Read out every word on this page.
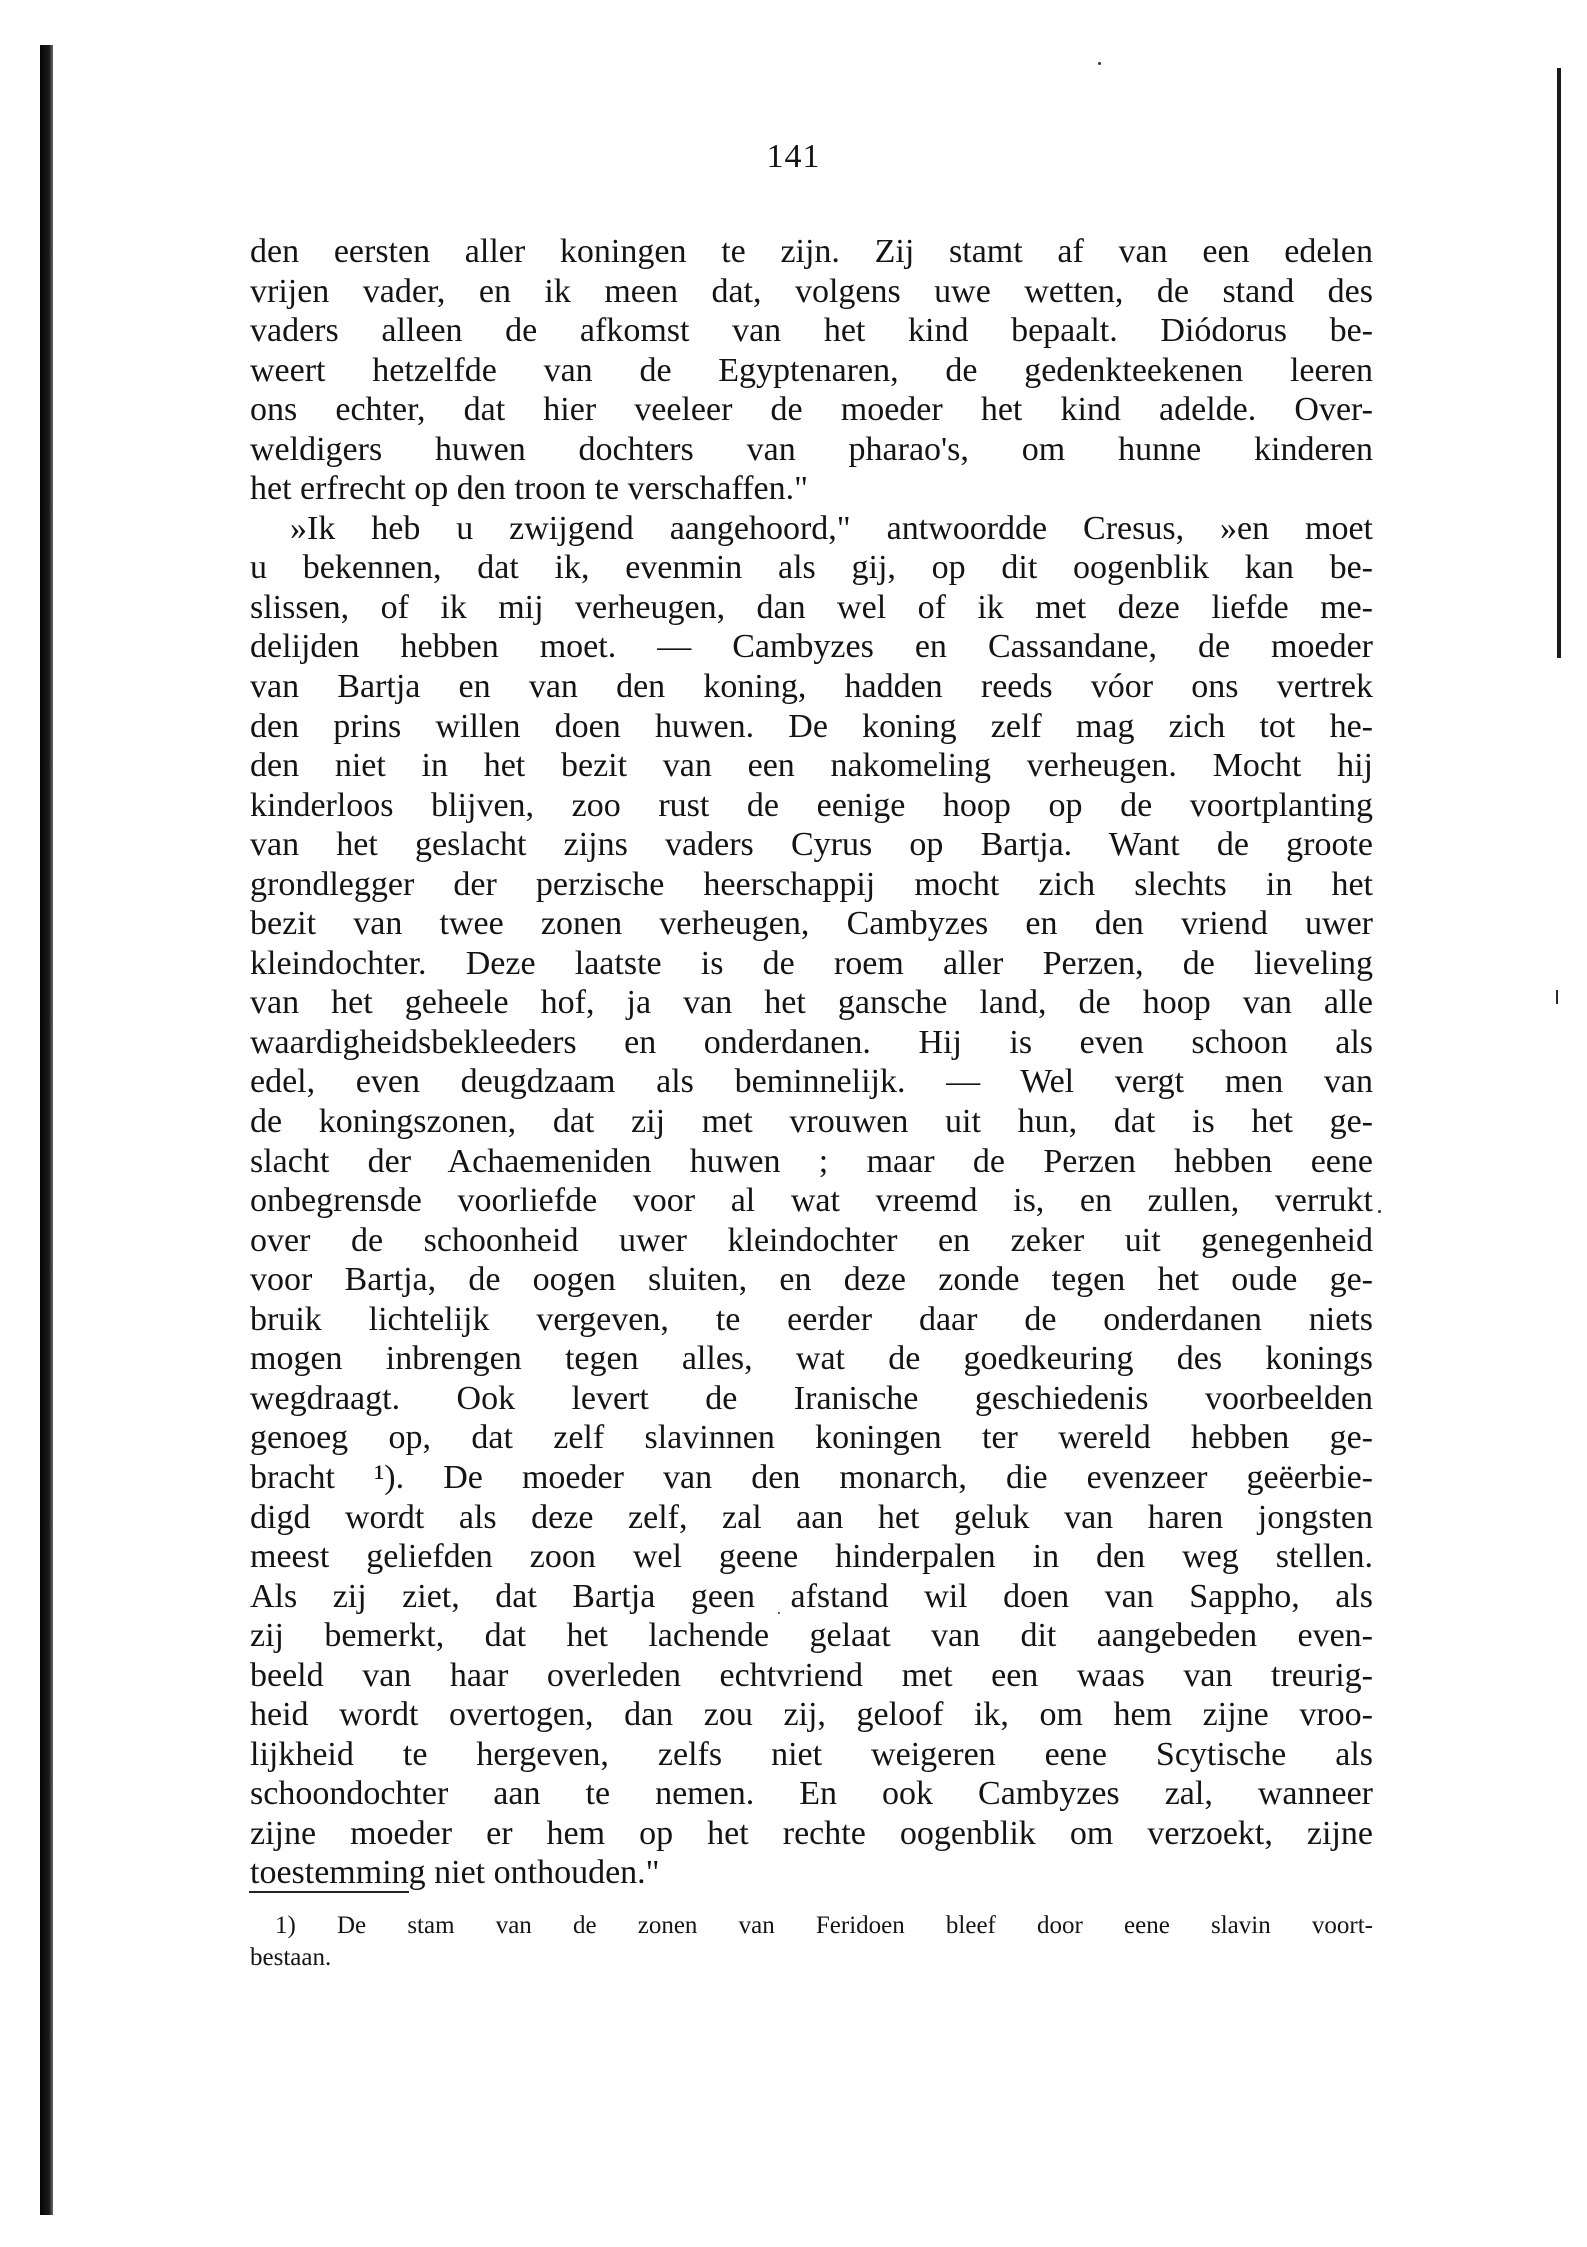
141
den eersten aller koningen te zijn. Zij stamt af van een edelen
vrijen vader, en ik meen dat, volgens uwe wetten, de stand des
vaders alleen de afkomst van het kind bepaalt. Diódorus be-
weert hetzelfde van de Egyptenaren, de gedenkteekenen leeren
ons echter, dat hier veeleer de moeder het kind adelde. Over-
weldigers huwen dochters van pharao's, om hunne kinderen
het erfrecht op den troon te verschaffen."
»Ik heb u zwijgend aangehoord," antwoordde Cresus, »en moet
u bekennen, dat ik, evenmin als gij, op dit oogenblik kan be-
slissen, of ik mij verheugen, dan wel of ik met deze liefde me-
delijden hebben moet. — Cambyzes en Cassandane, de moeder
van Bartja en van den koning, hadden reeds vóor ons vertrek
den prins willen doen huwen. De koning zelf mag zich tot he-
den niet in het bezit van een nakomeling verheugen. Mocht hij
kinderloos blijven, zoo rust de eenige hoop op de voortplanting
van het geslacht zijns vaders Cyrus op Bartja. Want de groote
grondlegger der perzische heerschappij mocht zich slechts in het
bezit van twee zonen verheugen, Cambyzes en den vriend uwer
kleindochter. Deze laatste is de roem aller Perzen, de lieveling
van het geheele hof, ja van het gansche land, de hoop van alle
waardigheidsbekleeders en onderdanen. Hij is even schoon als
edel, even deugdzaam als beminnelijk. — Wel vergt men van
de koningszonen, dat zij met vrouwen uit hun, dat is het ge-
slacht der Achaemeniden huwen ; maar de Perzen hebben eene
onbegrensde voorliefde voor al wat vreemd is, en zullen, verrukt
over de schoonheid uwer kleindochter en zeker uit genegenheid
voor Bartja, de oogen sluiten, en deze zonde tegen het oude ge-
bruik lichtelijk vergeven, te eerder daar de onderdanen niets
mogen inbrengen tegen alles, wat de goedkeuring des konings
wegdraagt. Ook levert de Iranische geschiedenis voorbeelden
genoeg op, dat zelf slavinnen koningen ter wereld hebben ge-
bracht ¹). De moeder van den monarch, die evenzeer geëerbie-
digd wordt als deze zelf, zal aan het geluk van haren jongsten
meest geliefden zoon wel geene hinderpalen in den weg stellen.
Als zij ziet, dat Bartja geen afstand wil doen van Sappho, als
zij bemerkt, dat het lachende gelaat van dit aangebeden even-
beeld van haar overleden echtvriend met een waas van treurig-
heid wordt overtogen, dan zou zij, geloof ik, om hem zijne vroo-
lijkheid te hergeven, zelfs niet weigeren eene Scytische als
schoondochter aan te nemen. En ook Cambyzes zal, wanneer
zijne moeder er hem op het rechte oogenblik om verzoekt, zijne
toestemming niet onthouden."
1) De stam van de zonen van Feridoen bleef door eene slavin voort-
bestaan.
